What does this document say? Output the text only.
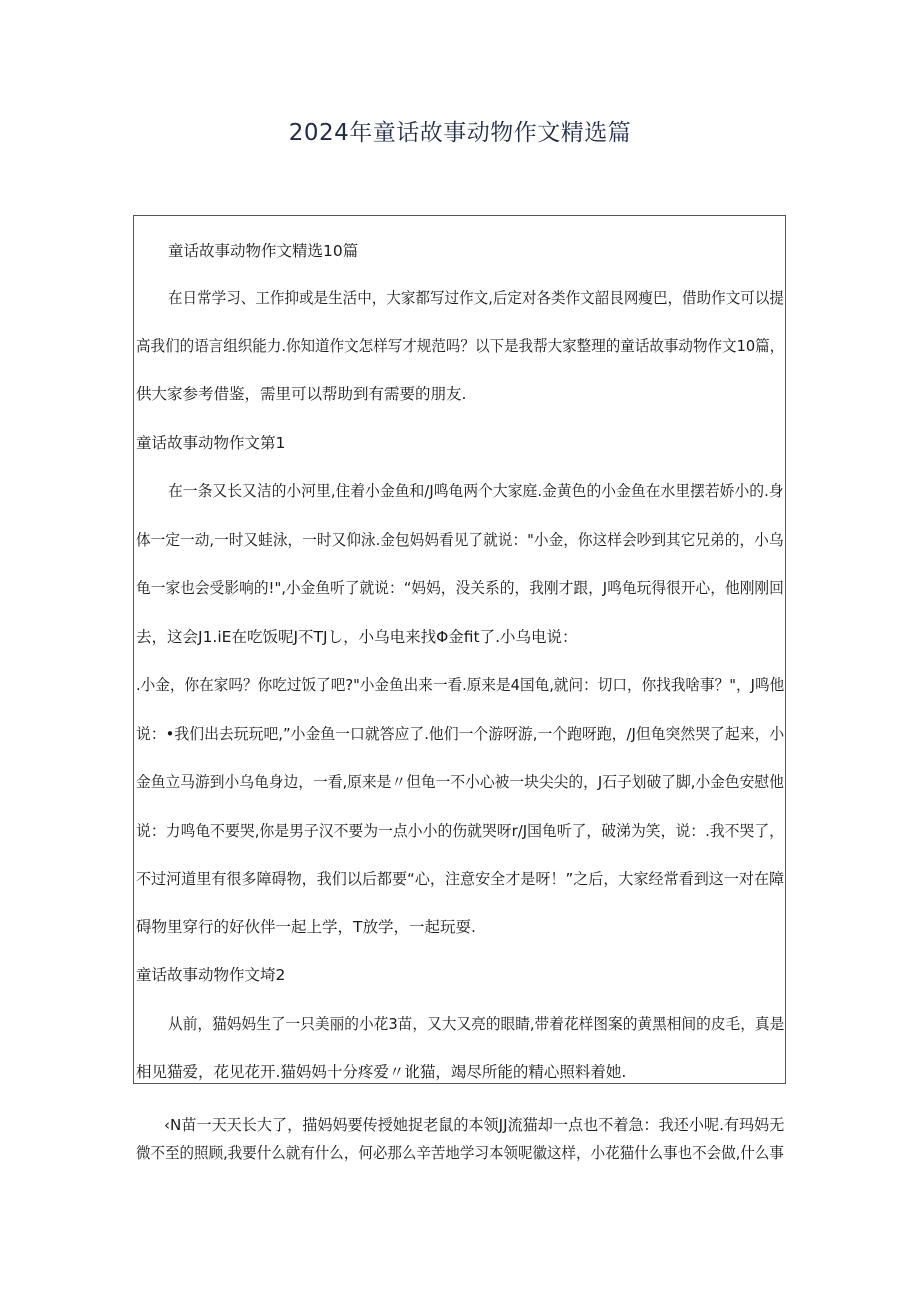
2024年童话故事动物作文精选篇
童话故事动物作文精选10篇
在日常学习、工作抑或是生活中，大家都写过作文,后定对各类作文韶艮网瘦巴，借助作文可以提
高我们的语言组织能力.你知道作文怎样写才规范吗？以下是我帮大家整理的童话故事动物作文10篇，
供大家参考借鉴，需里可以帮助到有需要的朋友.
童话故事动物作文第1
在一条又长又洁的小河里,住着小金鱼和/J鸣龟两个大家庭.金黄色的小金鱼在水里摆若娇小的.身
体一定一动,一时又蛙泳，一时又仰泳.金包妈妈看见了就说："小金，你这样会吵到其它兄弟的，小乌
龟一家也会受影响的!",小金鱼听了就说：“妈妈，没关系的，我刚才跟，J鸣龟玩得很开心，他刚刚回
去，这会J1.iE在吃饭呢J不TJし，小乌电来找Φ金fit了.小乌电说：
.小金，你在家吗？你吃过饭了吧?"小金鱼出来一看.原来是4国龟,就问：切口，你找我啥事？"，J鸣他
说：•我们出去玩玩吧,”小金鱼一口就答应了.他们一个游呀游,一个跑呀跑，/J但龟突然哭了起来，小
金鱼立马游到小乌龟身边，一看,原来是〃但龟一不小心被一块尖尖的，J石子划破了脚,小金色安慰他
说：力鸣龟不要哭,你是男子汉不要为一点小小的伤就哭呀r/J国龟听了，破涕为笑，说：.我不哭了，
不过河道里有很多障碍物，我们以后都要“心，注意安全才是呀！”之后，大家经常看到这一对在障
碍物里穿行的好伙伴一起上学，T放学，一起玩耍.
童话故事动物作文埼2
从前，猫妈妈生了一只美丽的小花3苗，又大又亮的眼睛,带着花样图案的黄黑相间的皮毛，真是
相见猫爱，花见花开.猫妈妈十分疼爱〃讹猫，竭尽所能的精心照料着她.
‹N苗一天天长大了，描妈妈要传授她捉老鼠的本领JJ流猫却一点也不着急：我还小呢.有玛妈无
微不至的照顾,我要什么就有什么，何必那么辛苦地学习本领呢徽这样，小花猫什么事也不会做,什么事
